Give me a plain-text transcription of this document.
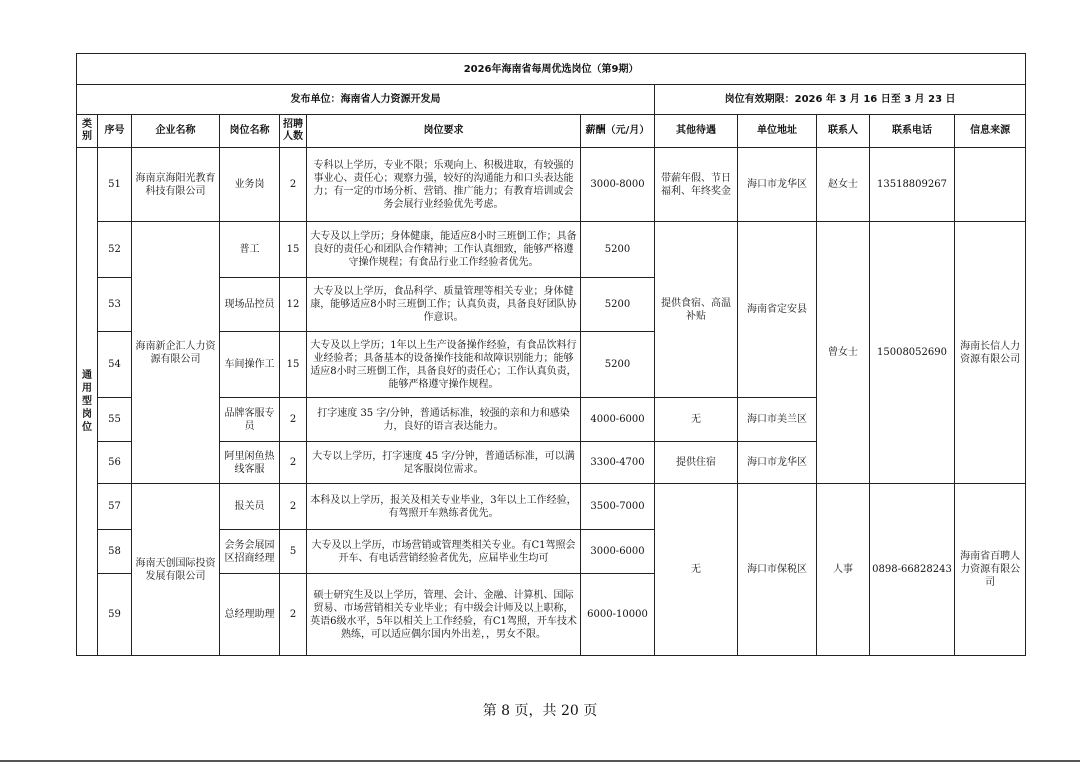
2026年海南省每周优选岗位（第9期）											
发布单位：海南省人力资源开发局							岗位有效期限：2026 年 3 月 16 日至 3 月 23 日				
类别	序号	企业名称	岗位名称	招聘人数	岗位要求	薪酬（元/月）	其他待遇	单位地址	联系人	联系电话	信息来源

通用型岗位	51	海南京海阳光教育科技有限公司	业务岗	2	专科以上学历，专业不限；乐观向上、积极进取，有较强的事业心、责任心；观察力强，较好的沟通能力和口头表达能力；有一定的市场分析、营销、推广能力；有教育培训或会务会展行业经验优先考虑。	3000-8000	带薪年假、节日福利、年终奖金	海口市龙华区	赵女士	13518809267	
	52	海南新企汇人力资源有限公司	普工	15	大专及以上学历；身体健康，能适应8小时三班倒工作；具备良好的责任心和团队合作精神；工作认真细致，能够严格遵守操作规程；有食品行业工作经验者优先。	5200	提供食宿、高温补贴	海南省定安县	曾女士	15008052690	海南长信人力资源有限公司
	53		现场品控员	12	大专及以上学历，食品科学、质量管理等相关专业；身体健康，能够适应8小时三班倒工作；认真负责，具备良好团队协作意识。	5200					
	54		车间操作工	15	大专及以上学历；1年以上生产设备操作经验，有食品饮料行业经验者；具备基本的设备操作技能和故障识别能力；能够适应8小时三班倒工作，具备良好的责任心；工作认真负责，能够严格遵守操作规程。	5200					
	55		品牌客服专员	2	打字速度 35 字/分钟，普通话标准，较强的亲和力和感染力，良好的语言表达能力。	4000-6000	无	海口市美兰区			
	56		阿里闲鱼热线客服	2	大专以上学历，打字速度 45 字/分钟，普通话标准，可以满足客服岗位需求。	3300-4700	提供住宿	海口市龙华区			
	57	海南天创国际投资发展有限公司	报关员	2	本科及以上学历，报关及相关专业毕业，3年以上工作经验，有驾照开车熟练者优先。	3500-7000	无	海口市保税区	人事	0898-66828243	海南省百聘人力资源有限公司
	58		会务会展园区招商经理	5	大专及以上学历，市场营销或管理类相关专业。有C1驾照会开车、有电话营销经验者优先，应届毕业生均可	3000-6000					
	59		总经理助理	2	硕士研究生及以上学历，管理、会计、金融、计算机、国际贸易、市场营销相关专业毕业；有中级会计师及以上职称，英语6级水平，5年以相关上工作经验，有C1驾照，开车技术熟练，可以适应偶尔国内外出差，，男女不限。	6000-10000					
第 8 页，共 20 页
